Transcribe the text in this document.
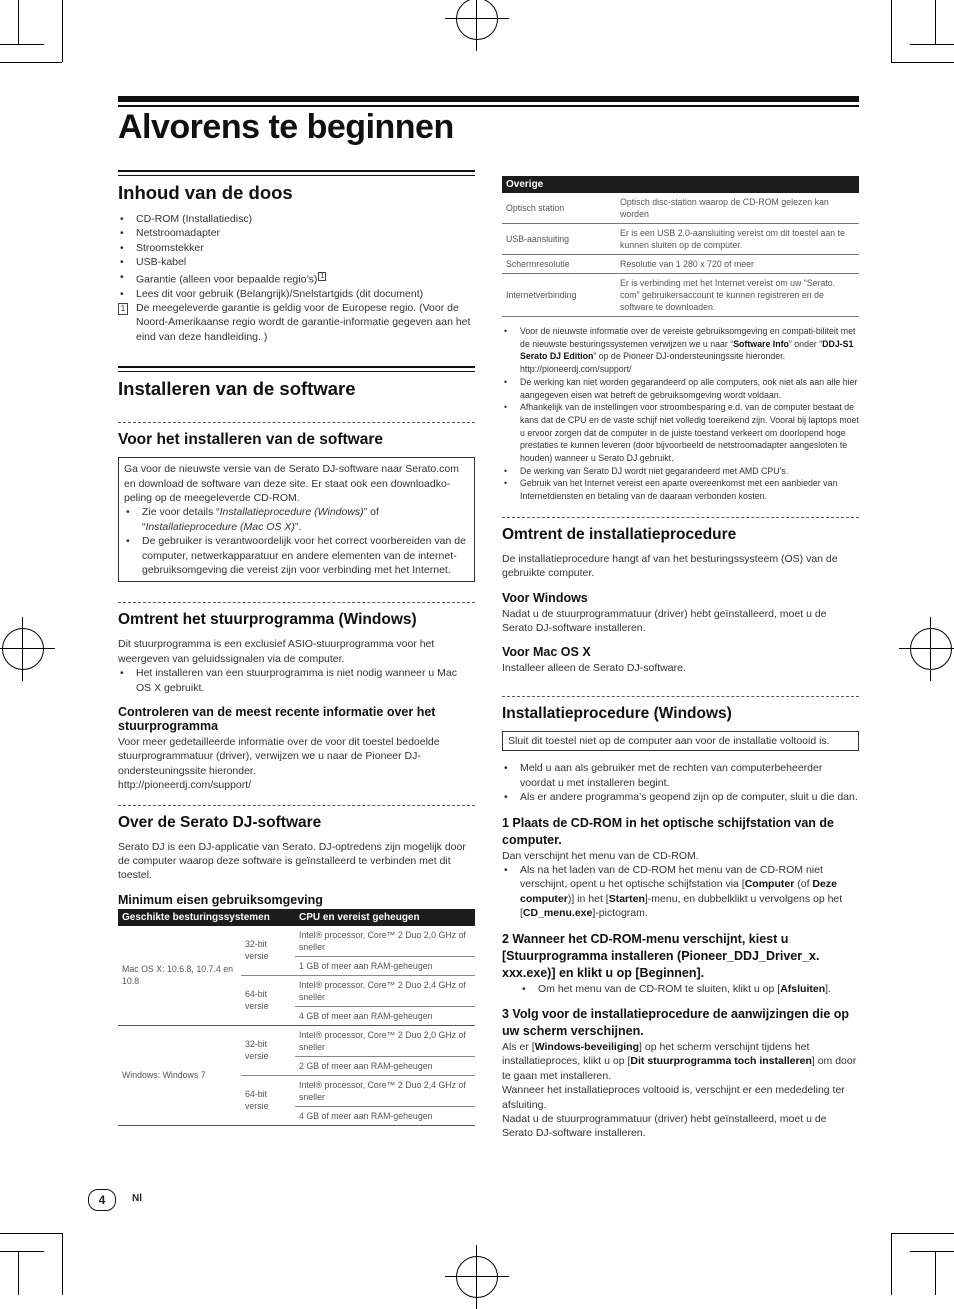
Alvorens te beginnen
Inhoud van de doos
• CD-ROM (Installatiedisc)
• Netstroomadapter
• Stroomstekker
• USB-kabel
• Garantie (alleen voor bepaalde regio’s) $^1$
• Lees dit voor gebruik (Belangrijk)/Snelstartgids (dit document)
1 De meegeleverde garantie is geldig voor de Europese regio. (Voor de Noord-Amerikaanse regio wordt de garantie-informatie gegeven aan het eind van deze handleiding. )
Installeren van de software
Voor het installeren van de software

Ga voor de nieuwste versie van de Serato DJ-software naar Serato.com en download de software van deze site. Er staat ook een downloadko-peling op de meegeleverde CD-ROM.

• Zie voor details “Installatieprocedure (Windows)” of “Installatieprocedure (Mac OS X)”.
• De gebruiker is verantwoordelijk voor het correct voorbereiden van de computer, netwerkapparatuur en andere elementen van de internet-gebruiksomgeving die vereist zijn voor verbinding met het Internet.
Omtrent het stuurprogramma (Windows)

Dit stuurprogramma is een exclusief ASIO-stuurprogramma voor het weergeven van geluidssignalen via de computer.

• Het installeren van een stuurprogramma is niet nodig wanneer u Mac OS X gebruikt.
Controleren van de meest recente informatie over het stuurprogramma

Voor meer gedetailleerde informatie over de voor dit toestel bedoelde stuurprogrammatuur (driver), verwijzen we u naar de Pioneer DJ-ondersteuningssite hieronder.

http://pioneerdj.com/support/

Over de Serato DJ-software

Serato DJ is een DJ-applicatie van Serato. DJ-optredens zijn mogelijk door de computer waarop deze software is geïnstalleerd te verbinden met dit toestel.

Minimum eisen gebruiksomgeving
Geschikte besturingssystemen		CPU en vereist geheugen
Mac OS X: 10.6.8, 10.7.4 en 10.8	32-bit versie	Intel® processor, Core™ 2 Duo 2,0 GHz of sneller
		1 GB of meer aan RAM-geheugen
	64-bit versie	Intel® processor, Core™ 2 Duo 2,4 GHz of sneller
		4 GB of meer aan RAM-geheugen
Windows: Windows 7	32-bit versie	Intel® processor, Core™ 2 Duo 2,0 GHz of sneller
		2 GB of meer aan RAM-geheugen
	64-bit versie	Intel® processor, Core™ 2 Duo 2,4 GHz of sneller
		4 GB of meer aan RAM-geheugen
Overige	
Optisch station	Optisch disc-station waarop de CD-ROM gelezen kan worden
USB-aansluiting	Er is een USB 2.0-aansluiting vereist om dit toestel aan te kunnen sluiten op de computer.
Schermresolutie	Resolutie van 1 280 x 720 of meer
Internetverbinding	Er is verbinding met het Internet vereist om uw “Serato. com” gebruikersaccount te kunnen registreren en de software te downloaden.
• Voor de nieuwste informatie over de vereiste gebruiksomgeving en compati-biliteit met de nieuwste besturingssystemen verwijzen we u naar “Software Info” onder “DDJ-S1 Serato DJ Edition” op de Pioneer DJ-ondersteuningssite hieronder.
http://pioneerdj.com/support/
• De werking kan niet worden gegarandeerd op alle computers, ook niet als aan alle hier aangegeven eisen wat betreft de gebruiksomgeving wordt voldaan.
• Afhankelijk van de instellingen voor stroombesparing e.d. van de computer bestaat de kans dat de CPU en de vaste schijf niet volledig toereikend zijn. Vooral bij laptops moet u ervoor zorgen dat de computer in de juiste toestand verkeert om doorlopend hoge prestaties te kunnen leveren (door bijvoorbeeld de netstroomadapter aangesloten te houden) wanneer u Serato DJ gebruikt.
• De werking van Serato DJ wordt niet gegarandeerd met AMD CPU’s.
• Gebruik van het Internet vereist een aparte overeenkomst met een aanbieder van Internetdiensten en betaling van de daaraan verbonden kosten.
Omtrent de installatieprocedure

De installatieprocedure hangt af van het besturingssysteem (OS) van de gebruikte computer.

Voor Windows

Nadat u de stuurprogrammatuur (driver) hebt geïnstalleerd, moet u de Serato DJ-software installeren.

Voor Mac OS X

Installeer alleen de Serato DJ-software.

Installatieprocedure (Windows)

Sluit dit toestel niet op de computer aan voor de installatie voltooid is.

• Meld u aan als gebruiker met de rechten van computerbeheerder voordat u met installeren begint.
• Als er andere programma’s geopend zijn op de computer, sluit u die dan.
1 Plaats de CD-ROM in het optische schijfstation van de computer.

Dan verschijnt het menu van de CD-ROM.

• Als na het laden van de CD-ROM het menu van de CD-ROM niet verschijnt, opent u het optische schijfstation via [Computer (of Deze computer)] in het [Starten]-menu, en dubbelklikt u vervolgens op het [CD_menu.exe]-pictogram.
2 Wanneer het CD-ROM-menu verschijnt, kiest u [Stuurprogramma installeren (Pioneer_DDJ_Driver_x. xxx.exe)] en klikt u op [Beginnen].
• Om het menu van de CD-ROM te sluiten, klikt u op [Afsluiten].
3 Volg voor de installatieprocedure de aanwijzingen die op uw scherm verschijnen.

Als er [Windows-beveiliging] op het scherm verschijnt tijdens het installatieproces, klikt u op [Dit stuurprogramma toch installeren] om door te gaan met installeren.

Wanneer het installatieproces voltooid is, verschijnt er een mededeling ter afsluiting.

Nadat u de stuurprogrammatuur (driver) hebt geïnstalleerd, moet u de Serato DJ-software installeren.

4	Nl
